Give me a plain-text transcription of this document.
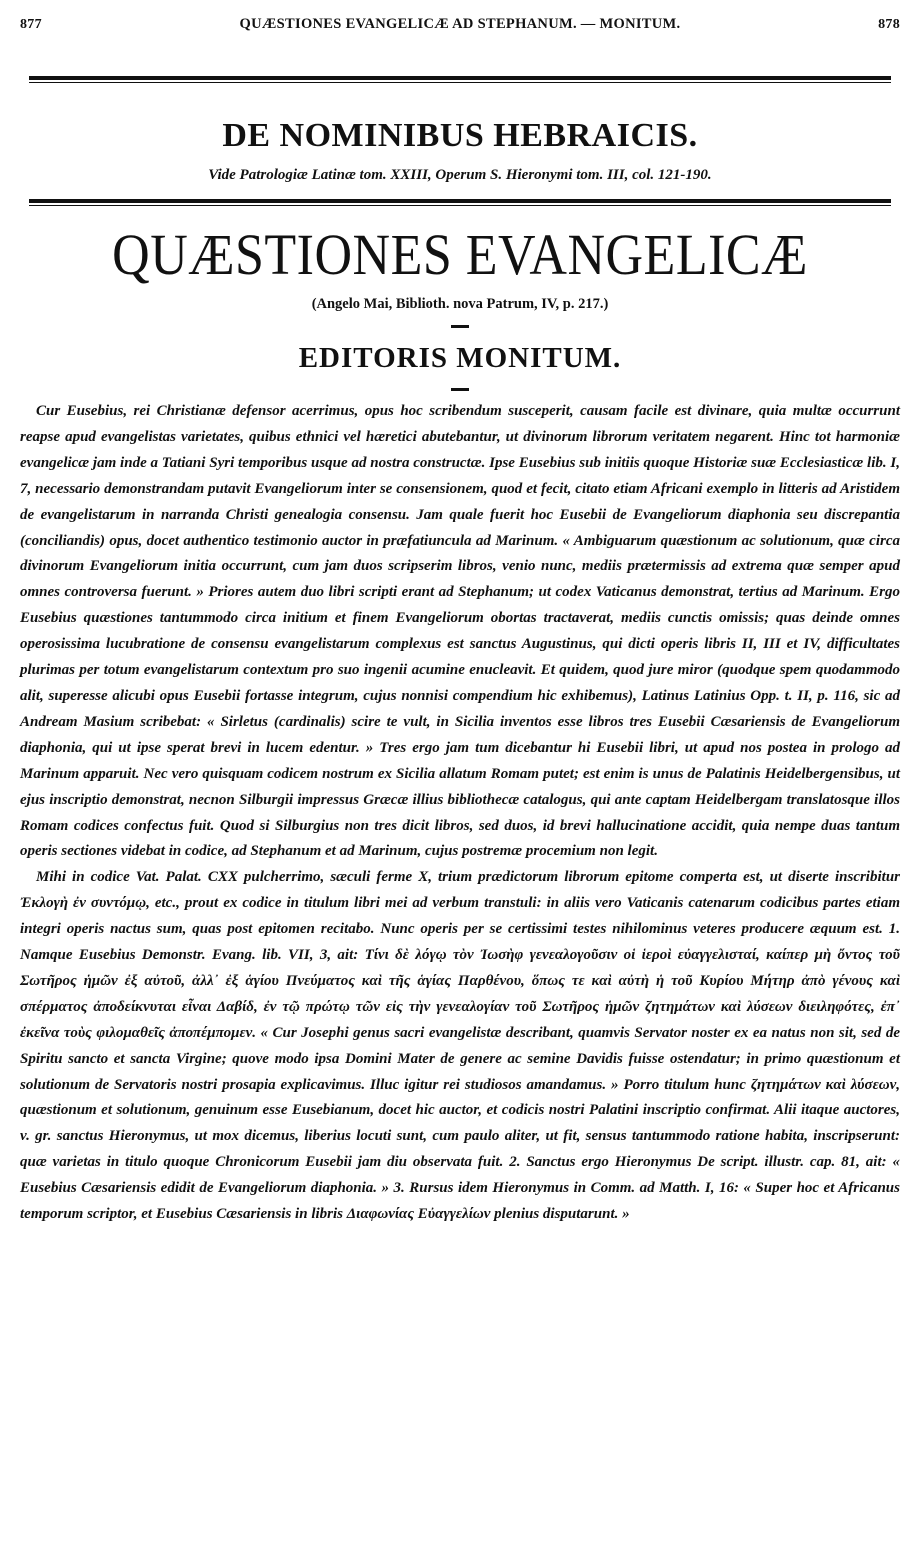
877	QUÆSTIONES EVANGELICÆ AD STEPHANUM. — MONITUM.	878
DE NOMINIBUS HEBRAICIS.
Vide Patrologiæ Latinæ tom. XXIII, Operum S. Hieronymi tom. III, col. 121-190.
QUÆSTIONES EVANGELICÆ
(Angelo Mai, Biblioth. nova Patrum, IV, p. 217.)
EDITORIS MONITUM.

Cur Eusebius, rei Christianæ defensor acerrimus, opus hoc scribendum susceperit, causam facile est divinare, quia multæ occurrunt reapse apud evangelistas varietates, quibus ethnici vel hæretici abutebantur, ut divinorum librorum veritatem negarent. Hinc tot harmoniæ evangelicæ jam inde a Tatiani Syri temporibus usque ad nostra constructæ. Ipse Eusebius sub initiis quoque Historiæ suæ Ecclesiasticæ lib. I, 7, necessario demonstrandam putavit Evangeliorum inter se consensionem, quod et fecit, citato etiam Africani exemplo in litteris ad Aristidem de evangelistarum in narranda Christi genealogia consensu. Jam quale fuerit hoc Eusebii de Evangeliorum diaphonia seu discrepantia (conciliandis) opus, docet authentico testimonio auctor in præfatiuncula ad Marinum. « Ambiguarum quæstionum ac solutionum, quæ circa divinorum Evangeliorum initia occurrunt, cum jam duos scripserim libros, venio nunc, mediis prætermissis ad extrema quæ semper apud omnes controversa fuerunt. » Priores autem duo libri scripti erant ad Stephanum; ut codex Vaticanus demonstrat, tertius ad Marinum. Ergo Eusebius quæstiones tantummodo circa initium et finem Evangeliorum obortas tractaverat, mediis cunctis omissis; quas deinde omnes operosissima lucubratione de consensu evangelistarum complexus est sanctus Augustinus, qui dicti operis libris II, III et IV, difficultates plurimas per totum evangelistarum contextum pro suo ingenii acumine enucleavit. Et quidem, quod jure miror (quodque spem quodammodo alit, superesse alicubi opus Eusebii fortasse integrum, cujus nonnisi compendium hic exhibemus), Latinus Latinius Opp. t. II, p. 116, sic ad Andream Masium scribebat: « Sirletus (cardinalis) scire te vult, in Sicilia inventos esse libros tres Eusebii Cæsariensis de Evangeliorum diaphonia, qui ut ipse sperat brevi in lucem edentur. » Tres ergo jam tum dicebantur hi Eusebii libri, ut apud nos postea in prologo ad Marinum apparuit. Nec vero quisquam codicem nostrum ex Sicilia allatum Romam putet; est enim is unus de Palatinis Heidelbergensibus, ut ejus inscriptio demonstrat, necnon Silburgii impressus Græcæ illius bibliothecæ catalogus, qui ante captam Heidelbergam translatosque illos Romam codices confectus fuit. Quod si Silburgius non tres dicit libros, sed duos, id brevi hallucinatione accidit, quia nempe duas tantum operis sectiones videbat in codice, ad Stephanum et ad Marinum, cujus postremæ procemium non legit.

Mihi in codice Vat. Palat. CXX pulcherrimo, sæculi ferme X, trium prædictorum librorum epitome comperta est, ut diserte inscribitur Ἐκλογὴ ἐν συντόμῳ, etc., prout ex codice in titulum libri mei ad verbum transtuli: in aliis vero Vaticanis catenarum codicibus partes etiam integri operis nactus sum, quas post epitomen recitabo. Nunc operis per se certissimi testes nihilominus veteres producere æquum est. 1. Namque Eusebius Demonstr. Evang. lib. VII, 3, ait: Τίνι δὲ λόγῳ τὸν Ἰωσὴφ γενεαλογοῦσιν οἱ ἱεροὶ εὐαγγελισταί, καίπερ μὴ ὄντος τοῦ Σωτῆρος ἡμῶν ἐξ αὐτοῦ, ἀλλ᾽ ἐξ ἁγίου Πνεύματος καὶ τῆς ἁγίας Παρθένου, ὅπως τε καὶ αὐτὴ ἡ τοῦ Κυρίου Μήτηρ ἀπὸ γένους καὶ σπέρματος ἀποδείκνυται εἶναι Δαβίδ, ἐν τῷ πρώτῳ τῶν εἰς τὴν γενεαλογίαν τοῦ Σωτῆρος ἡμῶν ζητημάτων καὶ λύσεων διειληφότες, ἐπ᾽ ἐκεῖνα τοὺς φιλομαθεῖς ἀποπέμπομεν. « Cur Josephi genus sacri evangelistæ describant, quamvis Servator noster ex ea natus non sit, sed de Spiritu sancto et sancta Virgine; quove modo ipsa Domini Mater de genere ac semine Davidis fuisse ostendatur; in primo quæstionum et solutionum de Servatoris nostri prosapia explicavimus. Illuc igitur rei studiosos amandamus. » Porro titulum hunc ζητημάτων καὶ λύσεων, quæstionum et solutionum, genuinum esse Eusebianum, docet hic auctor, et codicis nostri Palatini inscriptio confirmat. Alii itaque auctores, v. gr. sanctus Hieronymus, ut mox dicemus, liberius locuti sunt, cum paulo aliter, ut fit, sensus tantummodo ratione habita, inscripserunt: quæ varietas in titulo quoque Chronicorum Eusebii jam diu observata fuit. 2. Sanctus ergo Hieronymus De script. illustr. cap. 81, ait: « Eusebius Cæsariensis edidit de Evangeliorum diaphonia. » 3. Rursus idem Hieronymus in Comm. ad Matth. I, 16: « Super hoc et Africanus temporum scriptor, et Eusebius Cæsariensis in libris Διαφωνίας Εὐαγγελίων plenius disputarunt. »
